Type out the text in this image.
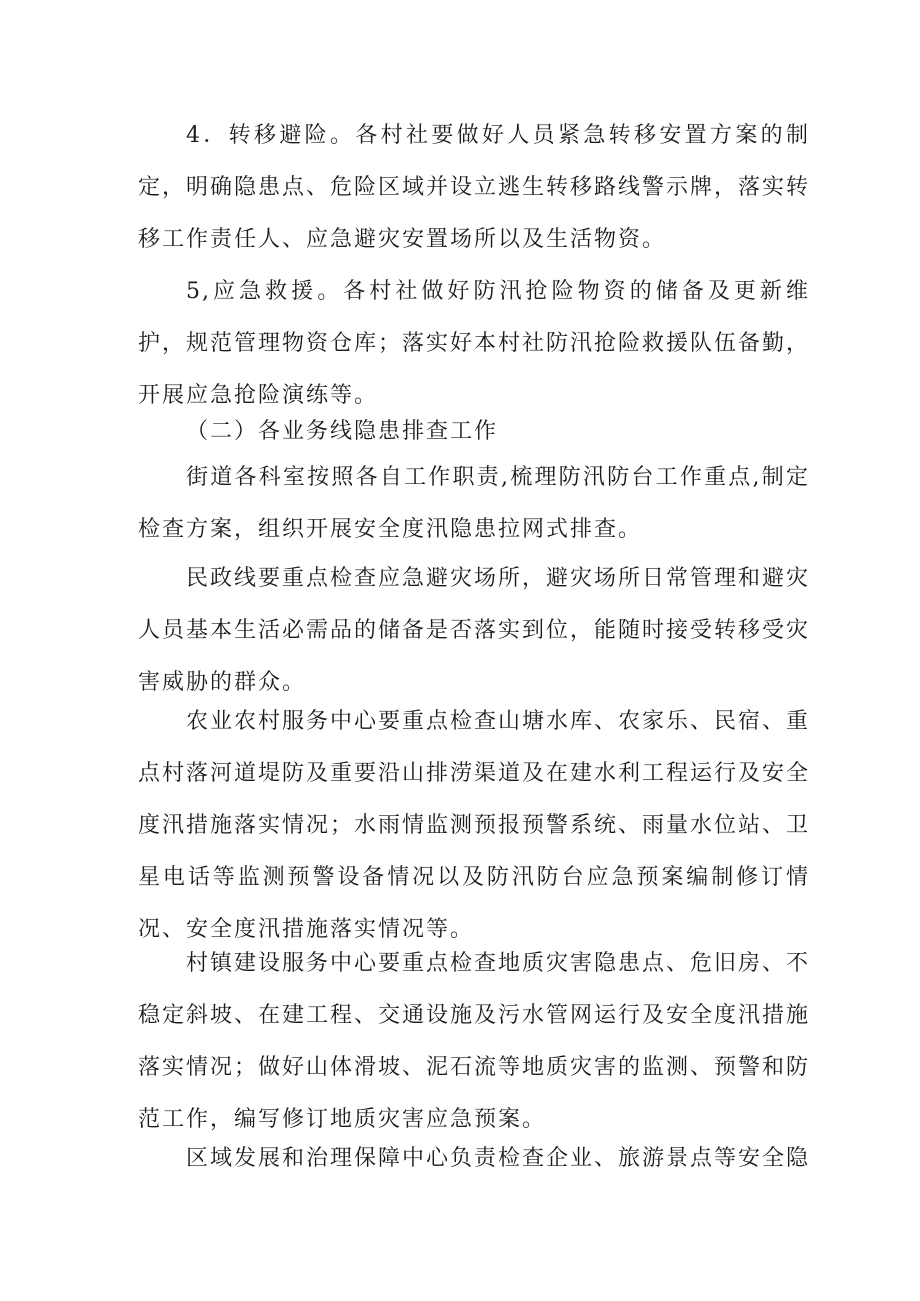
4．转移避险。各村社要做好人员紧急转移安置方案的制定，明确隐患点、危险区域并设立逃生转移路线警示牌，落实转移工作责任人、应急避灾安置场所以及生活物资。

5,应急救援。各村社做好防汛抢险物资的储备及更新维护，规范管理物资仓库；落实好本村社防汛抢险救援队伍备勤，开展应急抢险演练等。

（二）各业务线隐患排查工作

街道各科室按照各自工作职责,梳理防汛防台工作重点,制定检查方案，组织开展安全度汛隐患拉网式排查。

民政线要重点检查应急避灾场所，避灾场所日常管理和避灾人员基本生活必需品的储备是否落实到位，能随时接受转移受灾害威胁的群众。

农业农村服务中心要重点检查山塘水库、农家乐、民宿、重点村落河道堤防及重要沿山排涝渠道及在建水利工程运行及安全度汛措施落实情况；水雨情监测预报预警系统、雨量水位站、卫星电话等监测预警设备情况以及防汛防台应急预案编制修订情况、安全度汛措施落实情况等。

村镇建设服务中心要重点检查地质灾害隐患点、危旧房、不稳定斜坡、在建工程、交通设施及污水管网运行及安全度汛措施落实情况；做好山体滑坡、泥石流等地质灾害的监测、预警和防范工作，编写修订地质灾害应急预案。

区域发展和治理保障中心负责检查企业、旅游景点等安全隐
